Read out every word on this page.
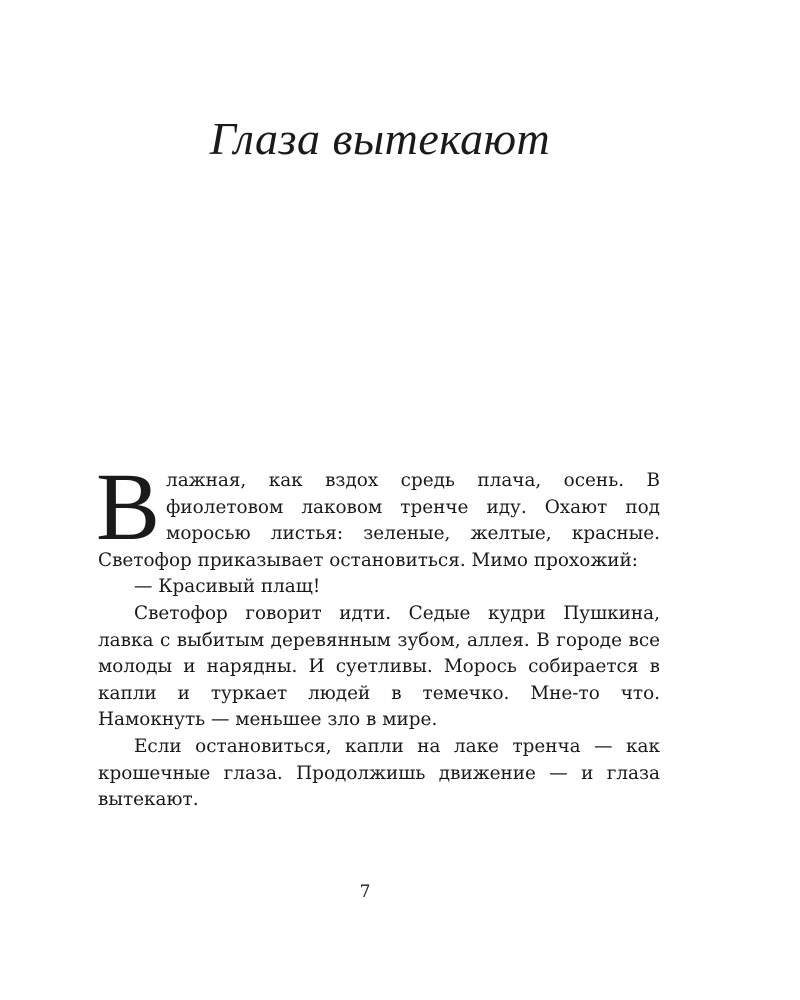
Глаза вытекают

Влажная, как вздох средь плача, осень. В фиолетовом лаковом тренче иду. Охают под моросью листья: зеленые, желтые, красные. Светофор приказывает остановиться. Мимо прохожий:

— Красивый плащ!

Светофор говорит идти. Седые кудри Пушкина, лавка с выбитым деревянным зубом, аллея. В городе все молоды и нарядны. И суетливы. Морось собирается в капли и туркает людей в темечко. Мне-то что. Намокнуть — меньшее зло в мире.

Если остановиться, капли на лаке тренча — как крошечные глаза. Продолжишь движение — и глаза вытекают.

7
